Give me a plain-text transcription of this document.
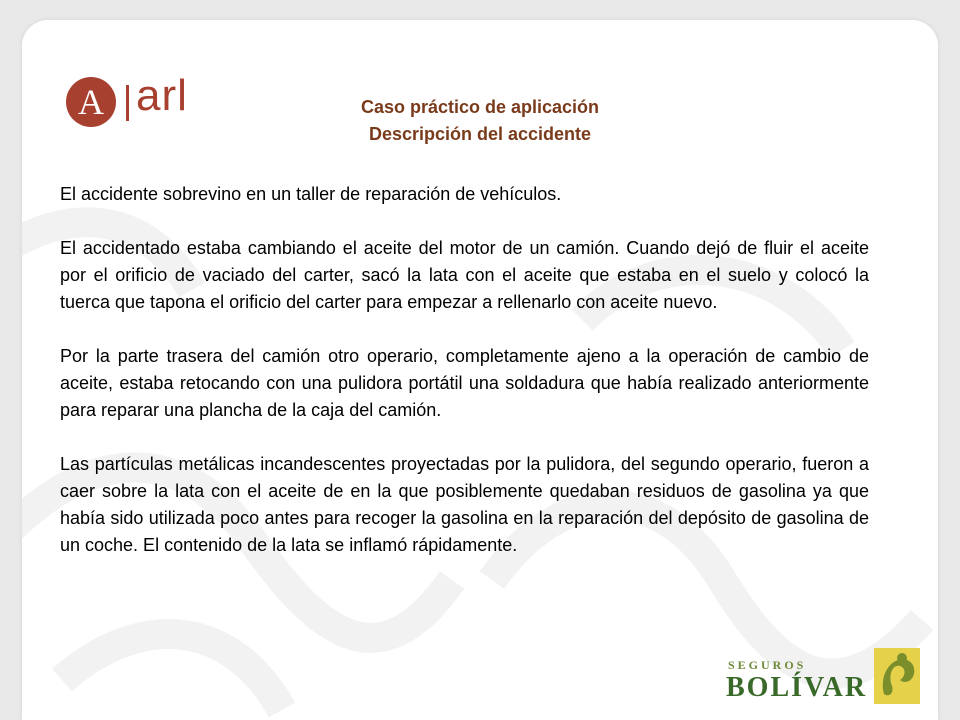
A arl	Caso práctico de aplicación
Descripción del accidente

El accidente sobrevino en un taller de reparación de vehículos.

El accidentado estaba cambiando el aceite del motor de un camión. Cuando dejó de fluir el aceite por el orificio de vaciado del carter, sacó la lata con el aceite que estaba en el suelo y colocó la tuerca que tapona el orificio del carter para empezar a rellenarlo con aceite nuevo.

Por la parte trasera del camión otro operario, completamente ajeno a la operación de cambio de aceite, estaba retocando con una pulidora portátil una soldadura que había realizado anteriormente para reparar una plancha de la caja del camión.

Las partículas metálicas incandescentes proyectadas por la pulidora, del segundo operario, fueron a caer sobre la lata con el aceite de en la que posiblemente quedaban residuos de gasolina ya que había sido utilizada poco antes para recoger la gasolina en la reparación del depósito de gasolina de un coche. El contenido de la lata se inflamó rápidamente.

SEGUROS
BOLÍVAR
